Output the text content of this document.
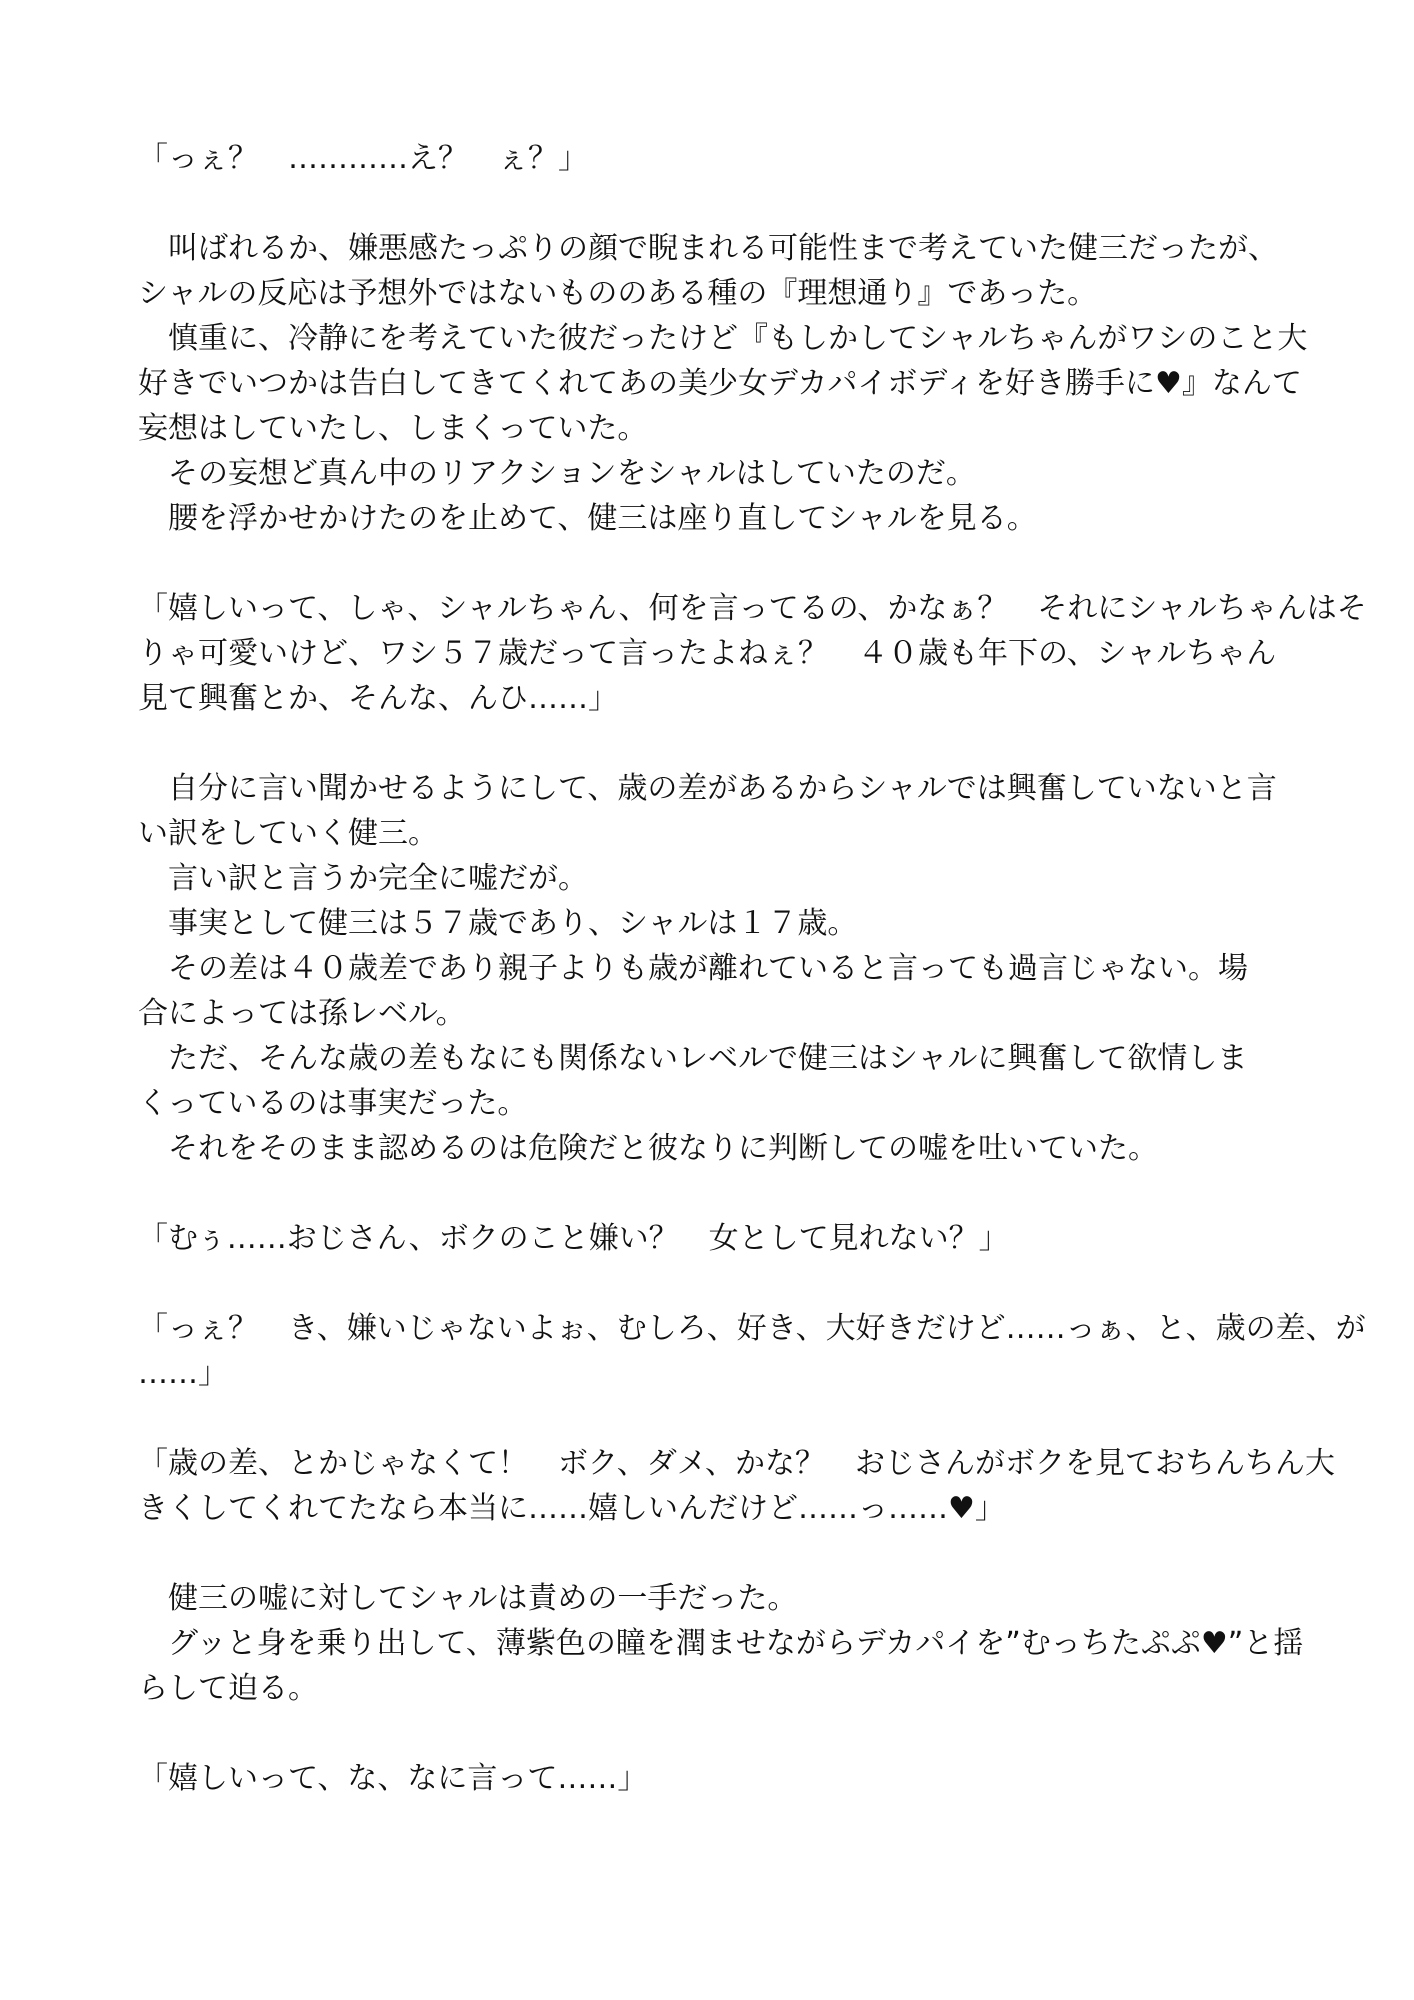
「っぇ？　…………え？　ぇ？」
　叫ばれるか、嫌悪感たっぷりの顔で睨まれる可能性まで考えていた健三だったが、
シャルの反応は予想外ではないもののある種の『理想通り』であった。
　慎重に、冷静にを考えていた彼だったけど『もしかしてシャルちゃんがワシのこと大
好きでいつかは告白してきてくれてあの美少女デカパイボディを好き勝手に♥』なんて
妄想はしていたし、しまくっていた。
　その妄想ど真ん中のリアクションをシャルはしていたのだ。
　腰を浮かせかけたのを止めて、健三は座り直してシャルを見る。
「嬉しいって、しゃ、シャルちゃん、何を言ってるの、かなぁ？　それにシャルちゃんはそ
りゃ可愛いけど、ワシ５７歳だって言ったよねぇ？　４０歳も年下の、シャルちゃん
見て興奮とか、そんな、んひ……」
　自分に言い聞かせるようにして、歳の差があるからシャルでは興奮していないと言
い訳をしていく健三。
　言い訳と言うか完全に嘘だが。
　事実として健三は５７歳であり、シャルは１７歳。
　その差は４０歳差であり親子よりも歳が離れていると言っても過言じゃない。場
合によっては孫レベル。
　ただ、そんな歳の差もなにも関係ないレベルで健三はシャルに興奮して欲情しま
くっているのは事実だった。
　それをそのまま認めるのは危険だと彼なりに判断しての嘘を吐いていた。
「むぅ……おじさん、ボクのこと嫌い？　女として見れない？」
「っぇ？　き、嫌いじゃないよぉ、むしろ、好き、大好きだけど……っぁ、と、歳の差、が
……」
「歳の差、とかじゃなくて！　ボク、ダメ、かな？　おじさんがボクを見ておちんちん大
きくしてくれてたなら本当に……嬉しいんだけど……っ……♥」
　健三の嘘に対してシャルは責めの一手だった。
　グッと身を乗り出して、薄紫色の瞳を潤ませながらデカパイを”むっちたぷぷ♥”と揺
らして迫る。
「嬉しいって、な、なに言って……」
